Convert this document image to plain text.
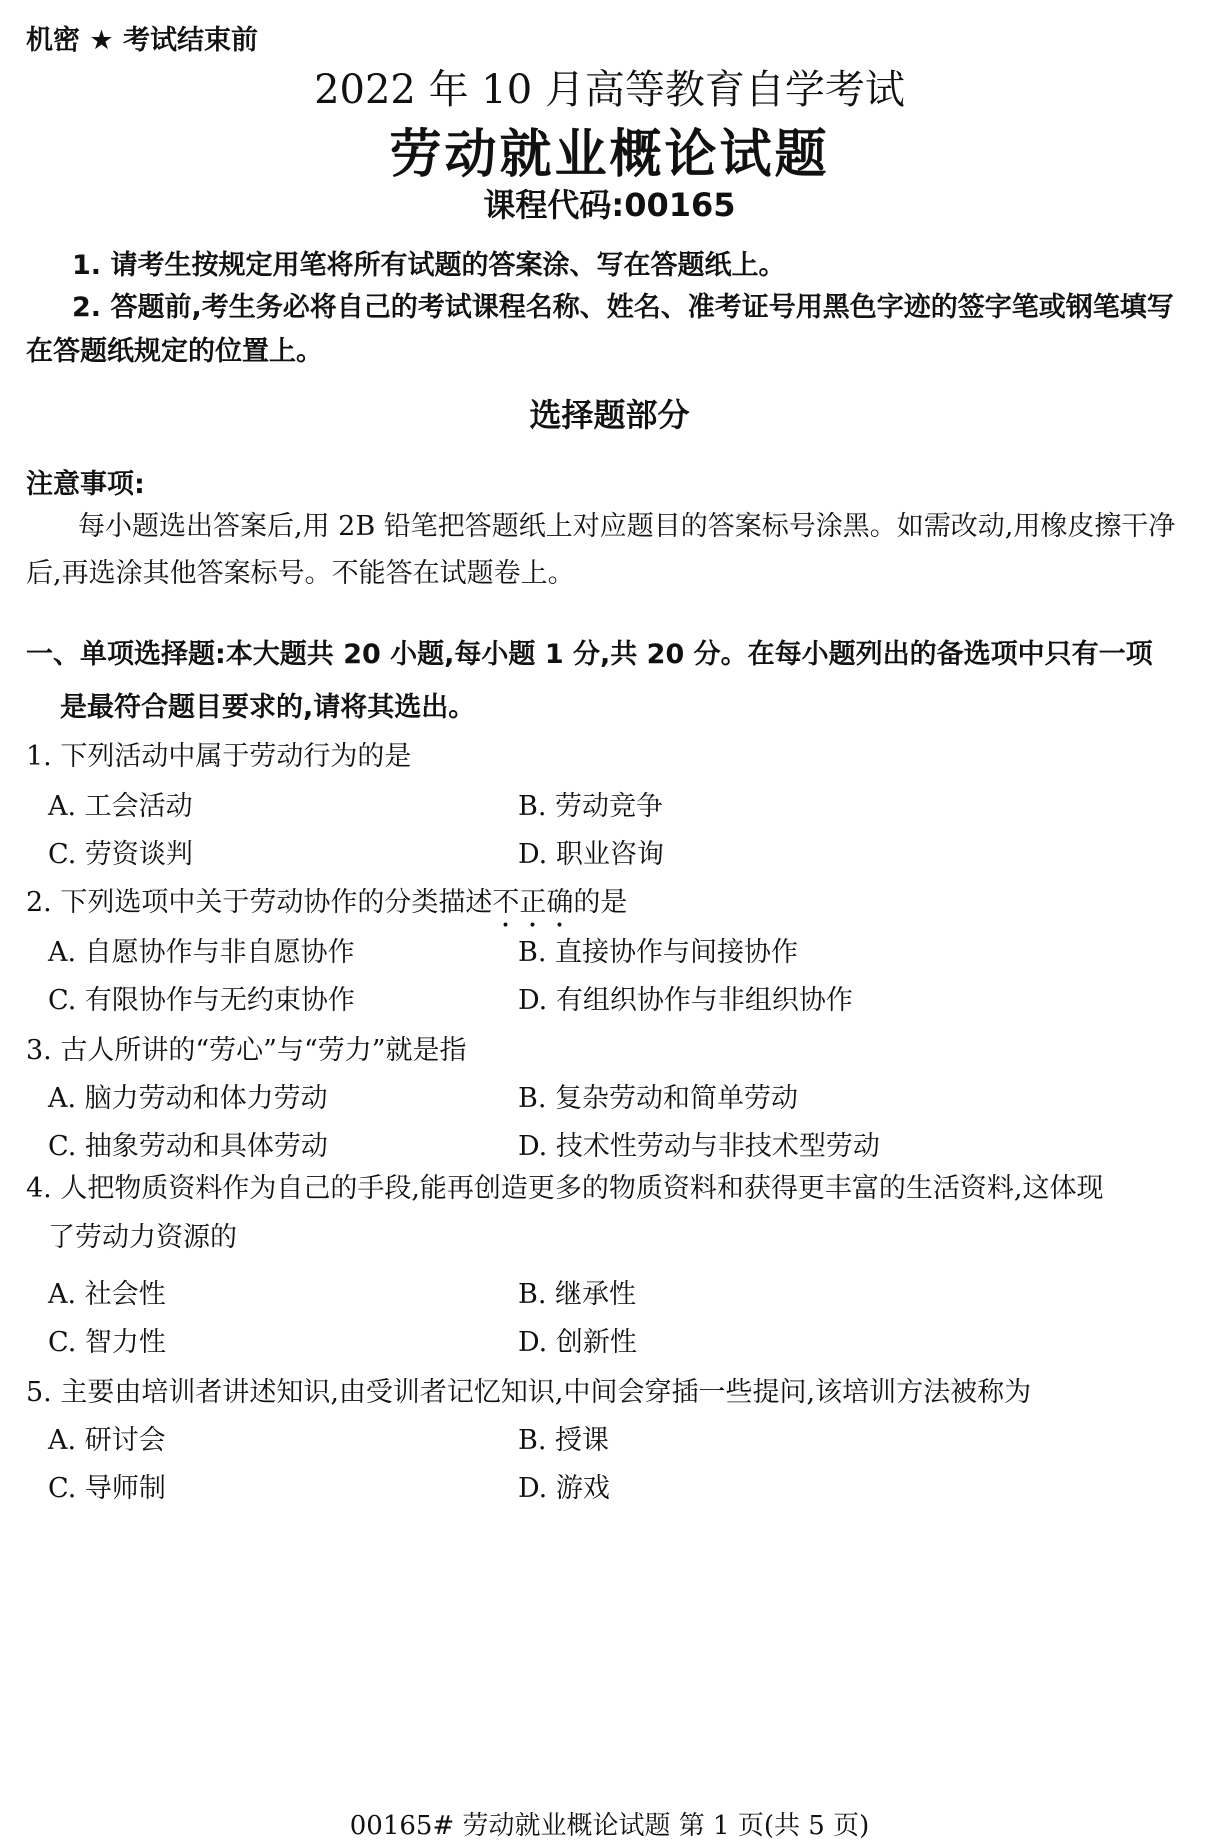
机密 ★ 考试结束前
2022 年 10 月高等教育自学考试
劳动就业概论试题
课程代码:00165
1. 请考生按规定用笔将所有试题的答案涂、写在答题纸上。
2. 答题前,考生务必将自己的考试课程名称、姓名、准考证号用黑色字迹的签字笔或钢笔填写在答题纸规定的位置上。
选择题部分
注意事项:
每小题选出答案后,用 2B 铅笔把答题纸上对应题目的答案标号涂黑。如需改动,用橡皮擦干净后,再选涂其他答案标号。不能答在试题卷上。
一、单项选择题:本大题共 20 小题,每小题 1 分,共 20 分。在每小题列出的备选项中只有一项
是最符合题目要求的,请将其选出。
1. 下列活动中属于劳动行为的是
A. 工会活动	B. 劳动竞争
C. 劳资谈判	D. 职业咨询
2. 下列选项中关于劳动协作的分类描述不正确的是
A. 自愿协作与非自愿协作	B. 直接协作与间接协作
C. 有限协作与无约束协作	D. 有组织协作与非组织协作
3. 古人所讲的“劳心”与“劳力”就是指
A. 脑力劳动和体力劳动	B. 复杂劳动和简单劳动
C. 抽象劳动和具体劳动	D. 技术性劳动与非技术型劳动
4. 人把物质资料作为自己的手段,能再创造更多的物质资料和获得更丰富的生活资料,这体现
了劳动力资源的
A. 社会性	B. 继承性
C. 智力性	D. 创新性
5. 主要由培训者讲述知识,由受训者记忆知识,中间会穿插一些提问,该培训方法被称为
A. 研讨会	B. 授课
C. 导师制	D. 游戏
00165# 劳动就业概论试题 第 1 页(共 5 页)
